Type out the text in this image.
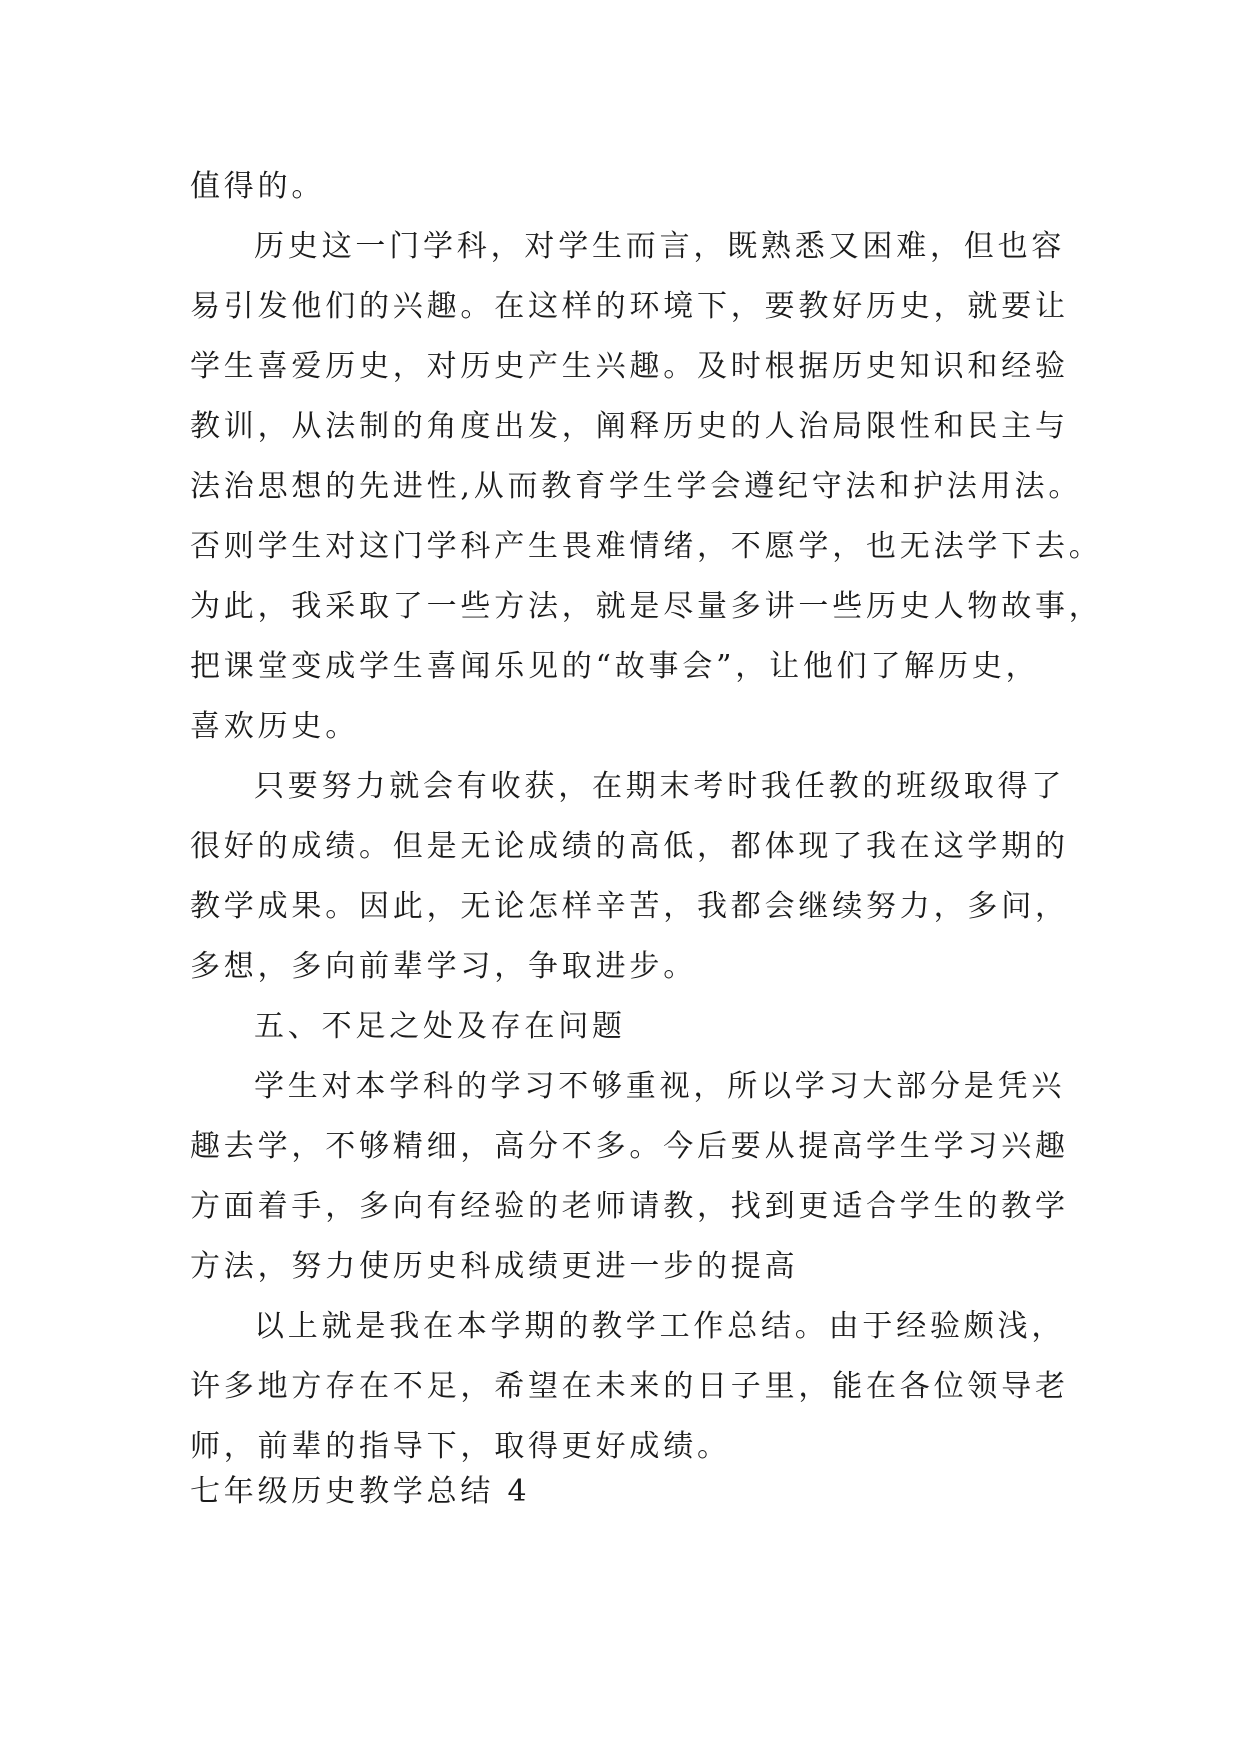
值得的。
历史这一门学科，对学生而言，既熟悉又困难，但也容
易引发他们的兴趣。在这样的环境下，要教好历史，就要让
学生喜爱历史，对历史产生兴趣。及时根据历史知识和经验
教训，从法制的角度出发，阐释历史的人治局限性和民主与
法治思想的先进性,从而教育学生学会遵纪守法和护法用法。
否则学生对这门学科产生畏难情绪，不愿学，也无法学下去。
为此，我采取了一些方法，就是尽量多讲一些历史人物故事，
把课堂变成学生喜闻乐见的“故事会”，让他们了解历史，
喜欢历史。
只要努力就会有收获，在期末考时我任教的班级取得了
很好的成绩。但是无论成绩的高低，都体现了我在这学期的
教学成果。因此，无论怎样辛苦，我都会继续努力，多问，
多想，多向前辈学习，争取进步。
五、不足之处及存在问题
学生对本学科的学习不够重视，所以学习大部分是凭兴
趣去学，不够精细，高分不多。今后要从提高学生学习兴趣
方面着手，多向有经验的老师请教，找到更适合学生的教学
方法，努力使历史科成绩更进一步的提高
以上就是我在本学期的教学工作总结。由于经验颇浅，
许多地方存在不足，希望在未来的日子里，能在各位领导老
师，前辈的指导下，取得更好成绩。
七年级历史教学总结 4
